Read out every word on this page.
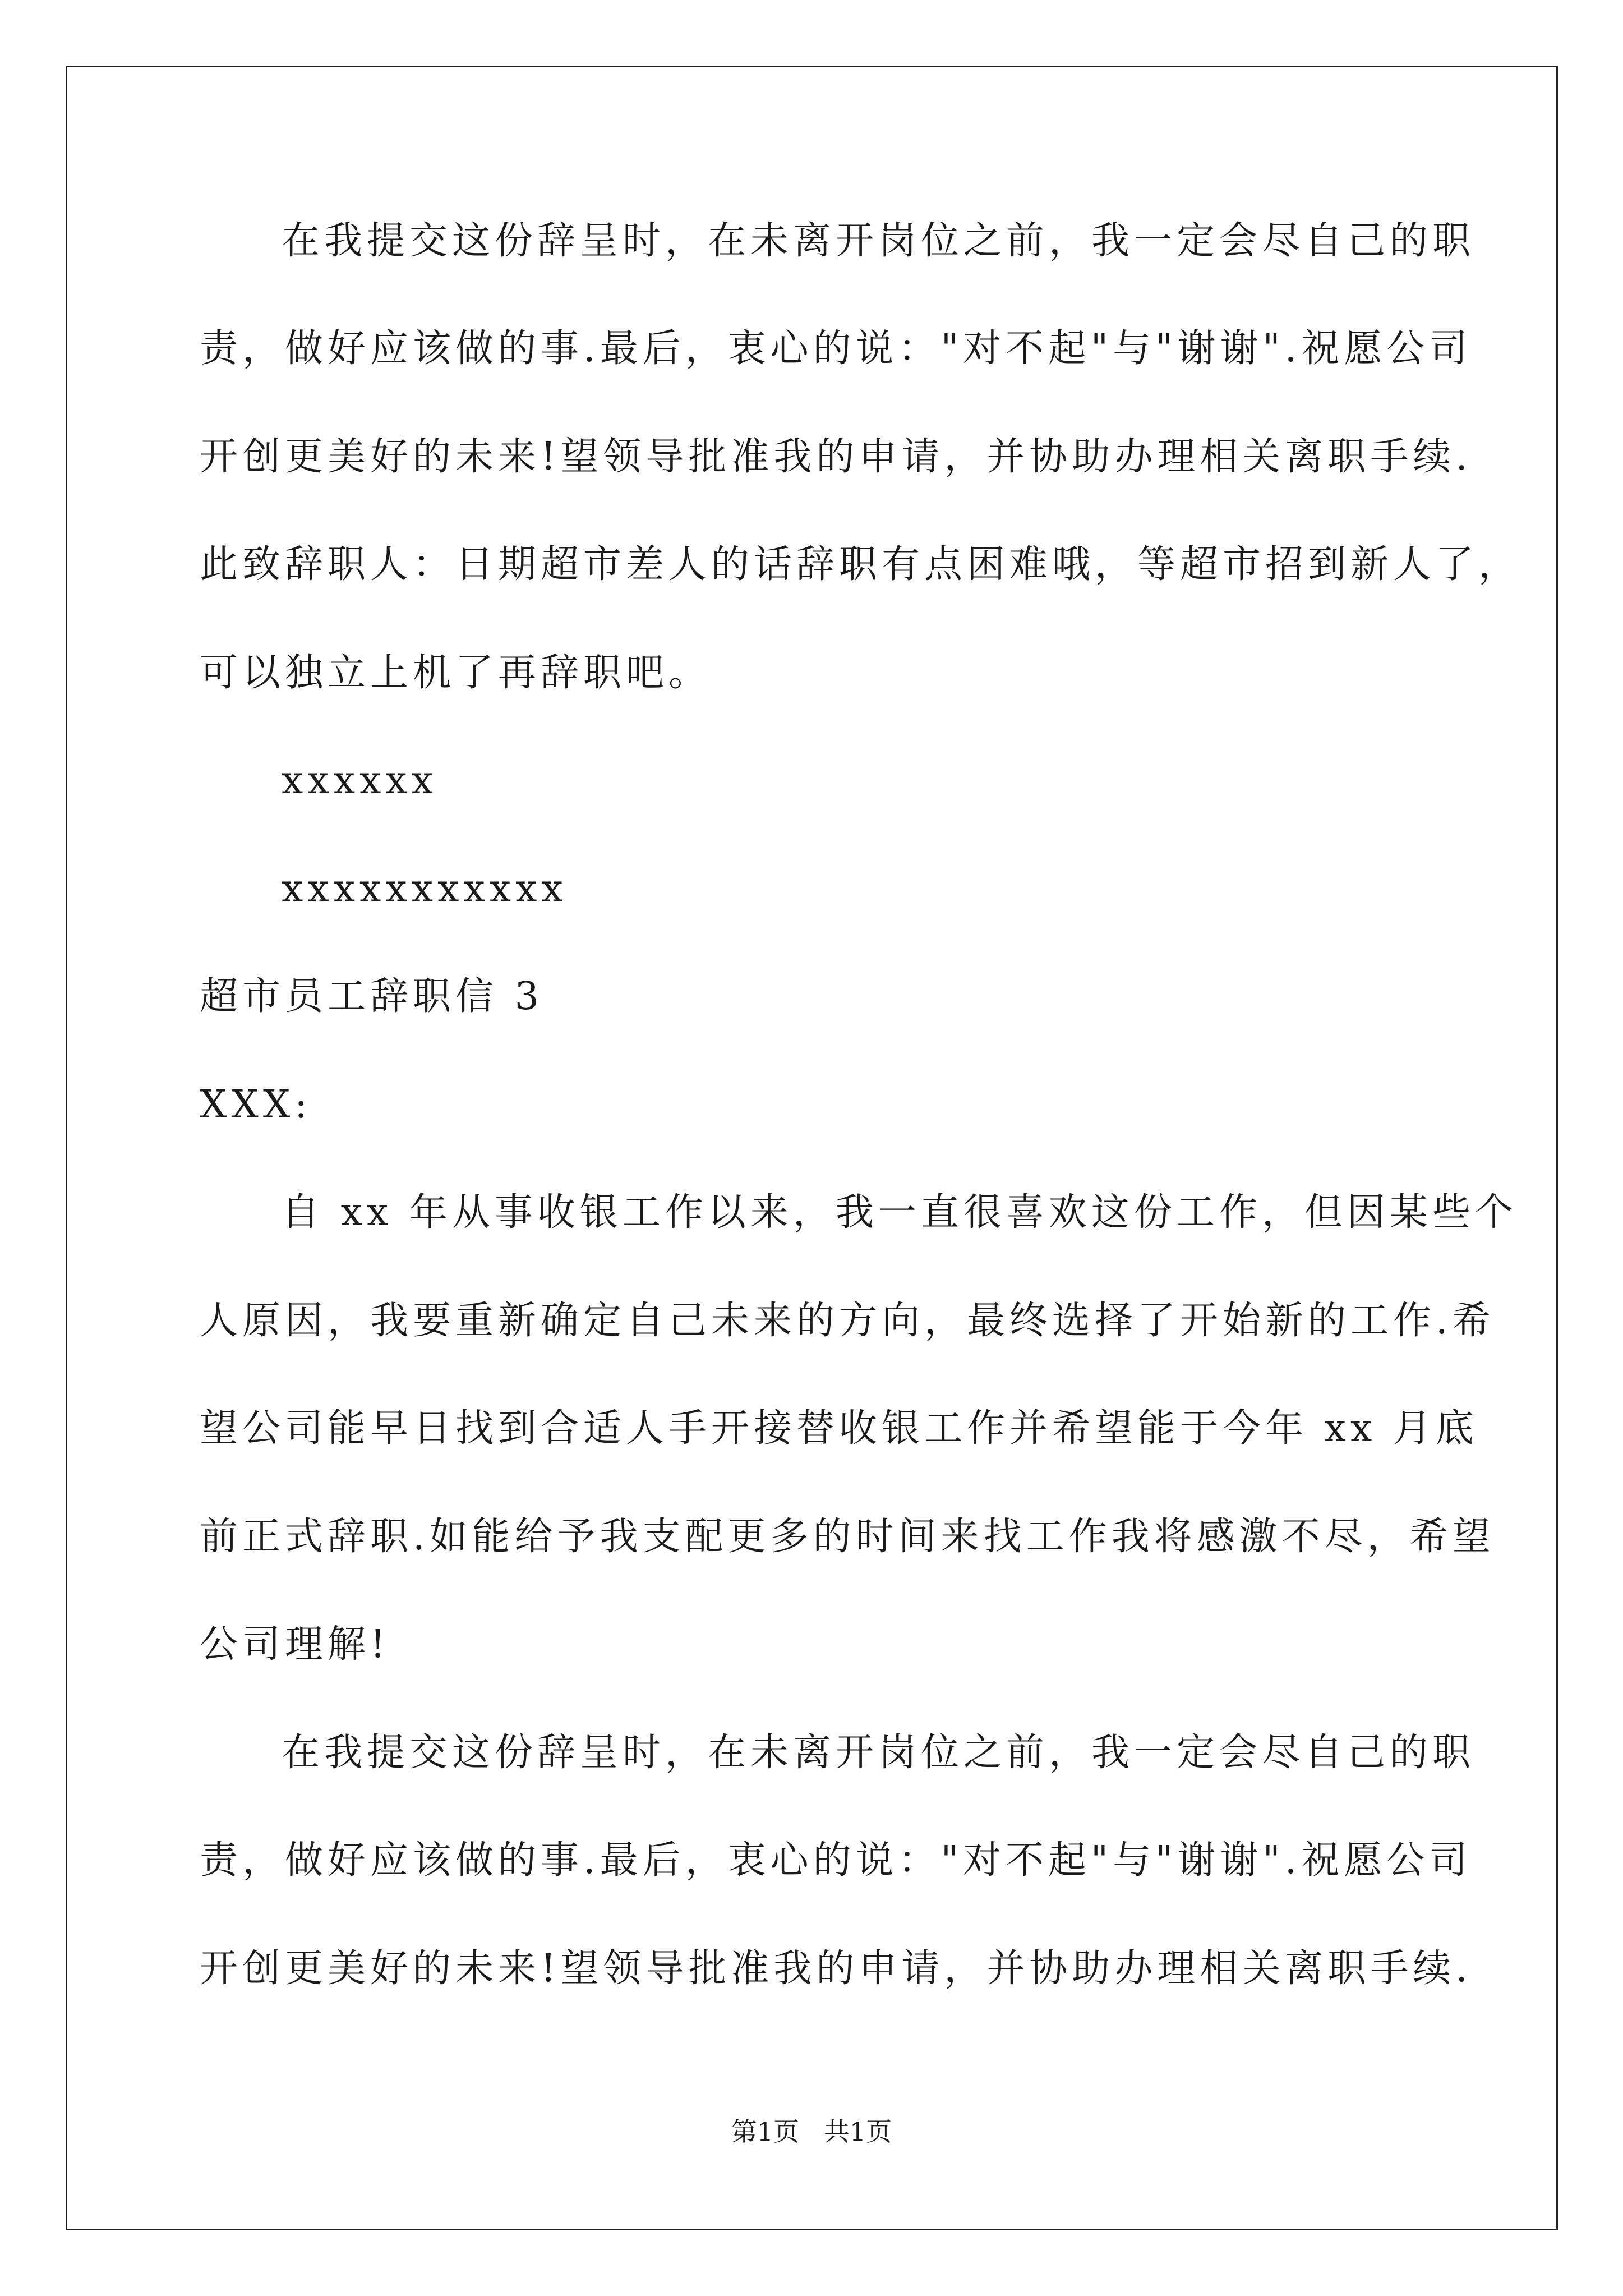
在我提交这份辞呈时，在未离开岗位之前，我一定会尽自己的职
责，做好应该做的事.最后，衷心的说："对不起"与"谢谢".祝愿公司
开创更美好的未来!望领导批准我的申请，并协助办理相关离职手续.
此致辞职人：日期超市差人的话辞职有点困难哦，等超市招到新人了，
可以独立上机了再辞职吧。
xxxxxx
xxxxxxxxxxx
超市员工辞职信 3
XXX:
自 xx 年从事收银工作以来，我一直很喜欢这份工作，但因某些个
人原因，我要重新确定自己未来的方向，最终选择了开始新的工作.希
望公司能早日找到合适人手开接替收银工作并希望能于今年 xx 月底
前正式辞职.如能给予我支配更多的时间来找工作我将感激不尽，希望
公司理解!
在我提交这份辞呈时，在未离开岗位之前，我一定会尽自己的职
责，做好应该做的事.最后，衷心的说："对不起"与"谢谢".祝愿公司
开创更美好的未来!望领导批准我的申请，并协助办理相关离职手续.
第1页   共1页
